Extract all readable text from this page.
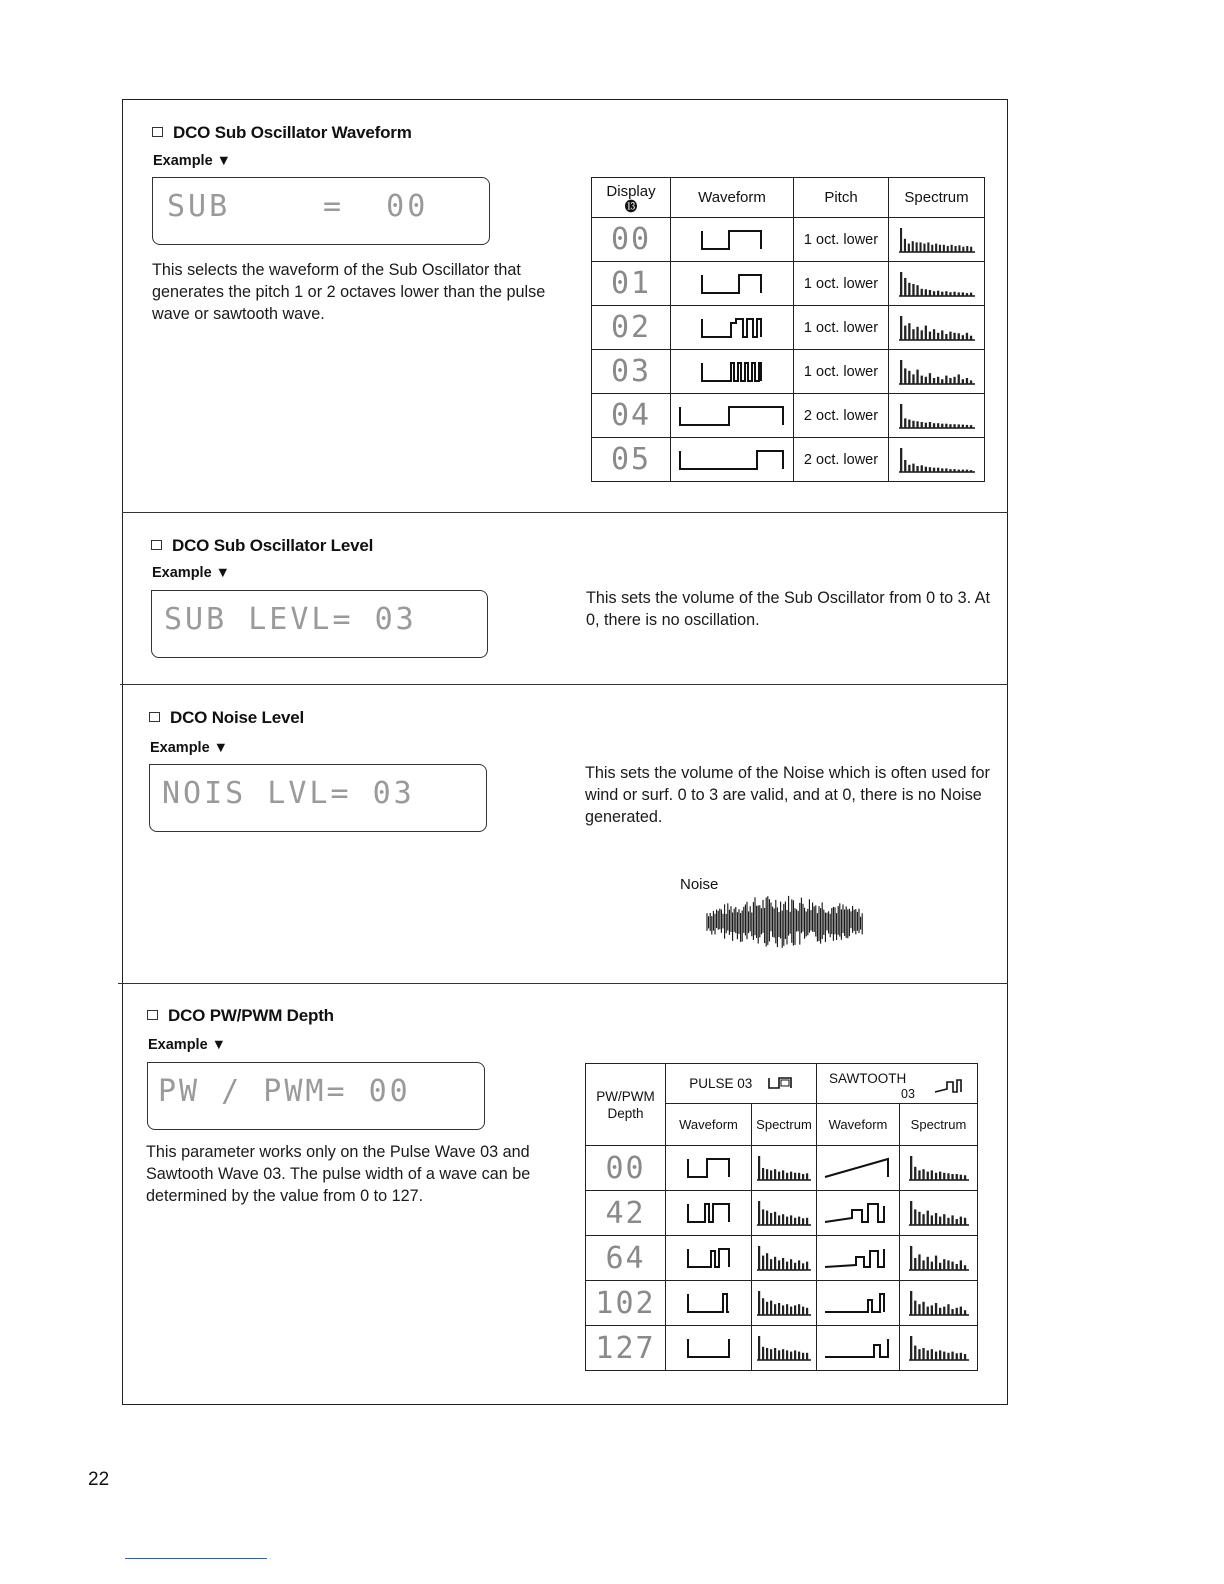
DCO Sub Oscillator Waveform
Example ▼

SUB

	=  00

This selects the waveform of the Sub Oscillator that generates the pitch 1 or 2 octaves lower than the pulse wave or sawtooth wave.
Display
⓭	Waveform	Pitch	Spectrum
00		1 oct. lower	

01		1 oct. lower	

02		1 oct. lower	

03		1 oct. lower	

04		2 oct. lower	

05		2 oct. lower	
DCO Sub Oscillator Level
Example ▼

SUB LEVL= 03

This sets the volume of the Sub Oscillator from 0 to 3. At 0, there is no oscillation.
DCO Noise Level
Example ▼

NOIS LVL= 03

This sets the volume of the Noise which is often used for wind or surf. 0 to 3 are valid, and at 0, there is no Noise generated.
Noise
DCO PW/PWM Depth
Example ▼

PW / PWM= 00

This parameter works only on the Pulse Wave 03 and Sawtooth Wave 03. The pulse width of a wave can be determined by the value from 0 to 127.
PW/PWM Depth	PULSE 03		SAWTOOTH
03	

	Waveform	Spectrum	Waveform	Spectrum
00	

42	

64	

102	

127	

22
